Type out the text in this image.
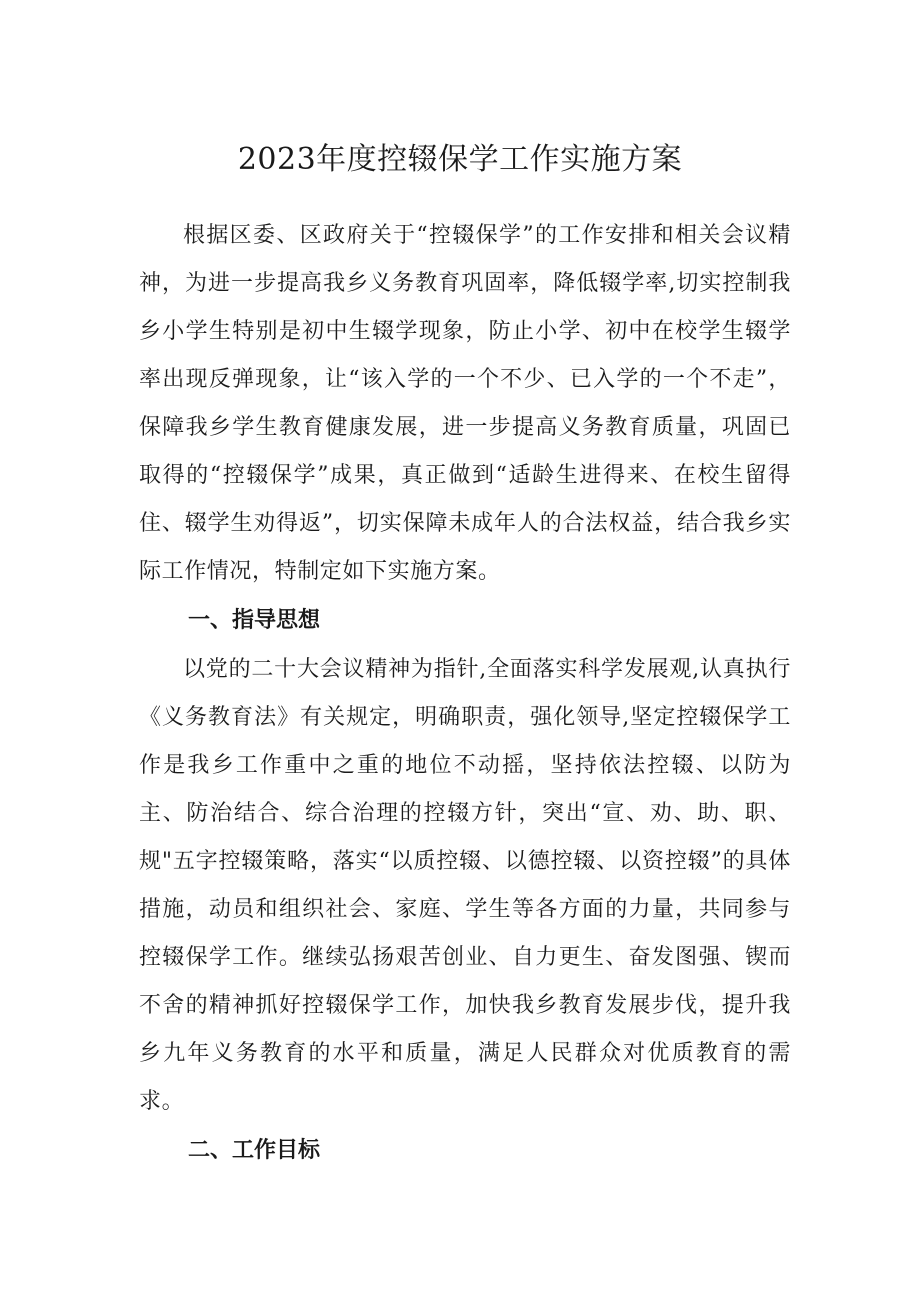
2023年度控辍保学工作实施方案

根据区委、区政府关于“控辍保学”的工作安排和相关会议精神，为进一步提高我乡义务教育巩固率，降低辍学率,切实控制我乡小学生特别是初中生辍学现象，防止小学、初中在校学生辍学率出现反弹现象，让“该入学的一个不少、已入学的一个不走”，保障我乡学生教育健康发展，进一步提高义务教育质量，巩固已取得的“控辍保学”成果，真正做到“适龄生进得来、在校生留得住、辍学生劝得返”，切实保障未成年人的合法权益，结合我乡实际工作情况，特制定如下实施方案。

一、指导思想

以党的二十大会议精神为指针,全面落实科学发展观,认真执行《义务教育法》有关规定，明确职责，强化领导,坚定控辍保学工作是我乡工作重中之重的地位不动摇，坚持依法控辍、以防为主、防治结合、综合治理的控辍方针，突出“宣、劝、助、职、规"五字控辍策略，落实“以质控辍、以德控辍、以资控辍”的具体措施，动员和组织社会、家庭、学生等各方面的力量，共同参与控辍保学工作。继续弘扬艰苦创业、自力更生、奋发图强、锲而不舍的精神抓好控辍保学工作，加快我乡教育发展步伐，提升我乡九年义务教育的水平和质量，满足人民群众对优质教育的需求。

二、工作目标
